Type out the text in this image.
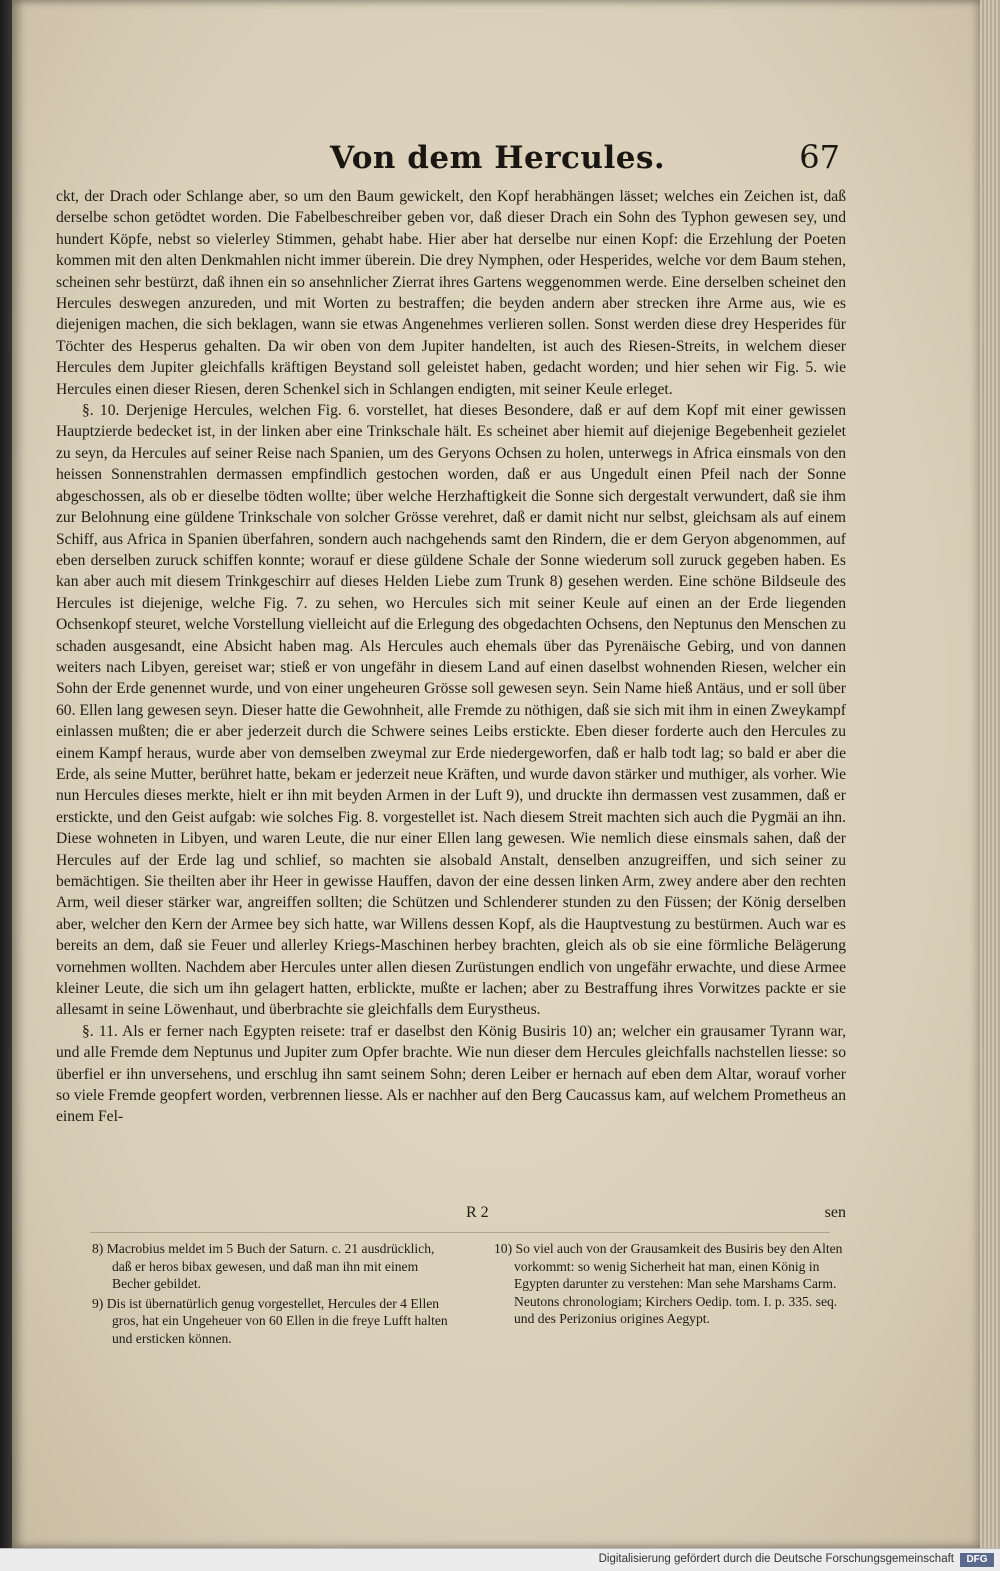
Von dem Hercules.	67

ckt, der Drach oder Schlange aber, so um den Baum gewickelt, den Kopf herabhängen lässet; welches ein Zeichen ist, daß derselbe schon getödtet worden. Die Fabelbeschreiber geben vor, daß dieser Drach ein Sohn des Typhon gewesen sey, und hundert Köpfe, nebst so vielerley Stimmen, gehabt habe. Hier aber hat derselbe nur einen Kopf: die Erzehlung der Poeten kommen mit den alten Denkmahlen nicht immer überein. Die drey Nymphen, oder Hesperides, welche vor dem Baum stehen, scheinen sehr bestürzt, daß ihnen ein so ansehnlicher Zierrat ihres Gartens weggenommen werde. Eine derselben scheinet den Hercules deswegen anzureden, und mit Worten zu bestraffen; die beyden andern aber strecken ihre Arme aus, wie es diejenigen machen, die sich beklagen, wann sie etwas Angenehmes verlieren sollen. Sonst werden diese drey Hesperides für Töchter des Hesperus gehalten. Da wir oben von dem Jupiter handelten, ist auch des Riesen-Streits, in welchem dieser Hercules dem Jupiter gleichfalls kräftigen Beystand soll geleistet haben, gedacht worden; und hier sehen wir Fig. 5. wie Hercules einen dieser Riesen, deren Schenkel sich in Schlangen endigten, mit seiner Keule erleget.

§. 10. Derjenige Hercules, welchen Fig. 6. vorstellet, hat dieses Besondere, daß er auf dem Kopf mit einer gewissen Hauptzierde bedecket ist, in der linken aber eine Trinkschale hält. Es scheinet aber hiemit auf diejenige Begebenheit gezielet zu seyn, da Hercules auf seiner Reise nach Spanien, um des Geryons Ochsen zu holen, unterwegs in Africa einsmals von den heissen Sonnenstrahlen dermassen empfindlich gestochen worden, daß er aus Ungedult einen Pfeil nach der Sonne abgeschossen, als ob er dieselbe tödten wollte; über welche Herzhaftigkeit die Sonne sich dergestalt verwundert, daß sie ihm zur Belohnung eine güldene Trinkschale von solcher Grösse verehret, daß er damit nicht nur selbst, gleichsam als auf einem Schiff, aus Africa in Spanien überfahren, sondern auch nachgehends samt den Rindern, die er dem Geryon abgenommen, auf eben derselben zuruck schiffen konnte; worauf er diese güldene Schale der Sonne wiederum soll zuruck gegeben haben. Es kan aber auch mit diesem Trinkgeschirr auf dieses Helden Liebe zum Trunk 8) gesehen werden. Eine schöne Bildseule des Hercules ist diejenige, welche Fig. 7. zu sehen, wo Hercules sich mit seiner Keule auf einen an der Erde liegenden Ochsenkopf steuret, welche Vorstellung vielleicht auf die Erlegung des obgedachten Ochsens, den Neptunus den Menschen zu schaden ausgesandt, eine Absicht haben mag. Als Hercules auch ehemals über das Pyrenäische Gebirg, und von dannen weiters nach Libyen, gereiset war; stieß er von ungefähr in diesem Land auf einen daselbst wohnenden Riesen, welcher ein Sohn der Erde genennet wurde, und von einer ungeheuren Grösse soll gewesen seyn. Sein Name hieß Antäus, und er soll über 60. Ellen lang gewesen seyn. Dieser hatte die Gewohnheit, alle Fremde zu nöthigen, daß sie sich mit ihm in einen Zweykampf einlassen mußten; die er aber jederzeit durch die Schwere seines Leibs erstickte. Eben dieser forderte auch den Hercules zu einem Kampf heraus, wurde aber von demselben zweymal zur Erde niedergeworfen, daß er halb todt lag; so bald er aber die Erde, als seine Mutter, berühret hatte, bekam er jederzeit neue Kräften, und wurde davon stärker und muthiger, als vorher. Wie nun Hercules dieses merkte, hielt er ihn mit beyden Armen in der Luft 9), und druckte ihn dermassen vest zusammen, daß er erstickte, und den Geist aufgab: wie solches Fig. 8. vorgestellet ist. Nach diesem Streit machten sich auch die Pygmäi an ihn. Diese wohneten in Libyen, und waren Leute, die nur einer Ellen lang gewesen. Wie nemlich diese einsmals sahen, daß der Hercules auf der Erde lag und schlief, so machten sie alsobald Anstalt, denselben anzugreiffen, und sich seiner zu bemächtigen. Sie theilten aber ihr Heer in gewisse Hauffen, davon der eine dessen linken Arm, zwey andere aber den rechten Arm, weil dieser stärker war, angreiffen sollten; die Schützen und Schlenderer stunden zu den Füssen; der König derselben aber, welcher den Kern der Armee bey sich hatte, war Willens dessen Kopf, als die Hauptvestung zu bestürmen. Auch war es bereits an dem, daß sie Feuer und allerley Kriegs-Maschinen herbey brachten, gleich als ob sie eine förmliche Belägerung vornehmen wollten. Nachdem aber Hercules unter allen diesen Zurüstungen endlich von ungefähr erwachte, und diese Armee kleiner Leute, die sich um ihn gelagert hatten, erblickte, mußte er lachen; aber zu Bestraffung ihres Vorwitzes packte er sie allesamt in seine Löwenhaut, und überbrachte sie gleichfalls dem Eurystheus.

§. 11. Als er ferner nach Egypten reisete: traf er daselbst den König Busiris 10) an; welcher ein grausamer Tyrann war, und alle Fremde dem Neptunus und Jupiter zum Opfer brachte. Wie nun dieser dem Hercules gleichfalls nachstellen liesse: so überfiel er ihn unversehens, und erschlug ihn samt seinem Sohn; deren Leiber er hernach auf eben dem Altar, worauf vorher so viele Fremde geopfert worden, verbrennen liesse. Als er nachher auf den Berg Caucassus kam, auf welchem Prometheus an einem Fel-

R 2	sen

8) Macrobius meldet im 5 Buch der Saturn. c. 21 ausdrücklich, daß er heros bibax gewesen, und daß man ihn mit einem Becher gebildet.

9) Dis ist übernatürlich genug vorgestellet, Hercules der 4 Ellen gros, hat ein Ungeheuer von 60 Ellen in die freye Lufft halten und ersticken können.

10) So viel auch von der Grausamkeit des Busiris bey den Alten vorkommt: so wenig Sicherheit hat man, einen König in Egypten darunter zu verstehen: Man sehe Marshams Carm. Neutons chronologiam; Kirchers Oedip. tom. I. p. 335. seq. und des Perizonius origines Aegypt.

Digitalisierung gefördert durch die Deutsche Forschungsgemeinschaft	DFG
